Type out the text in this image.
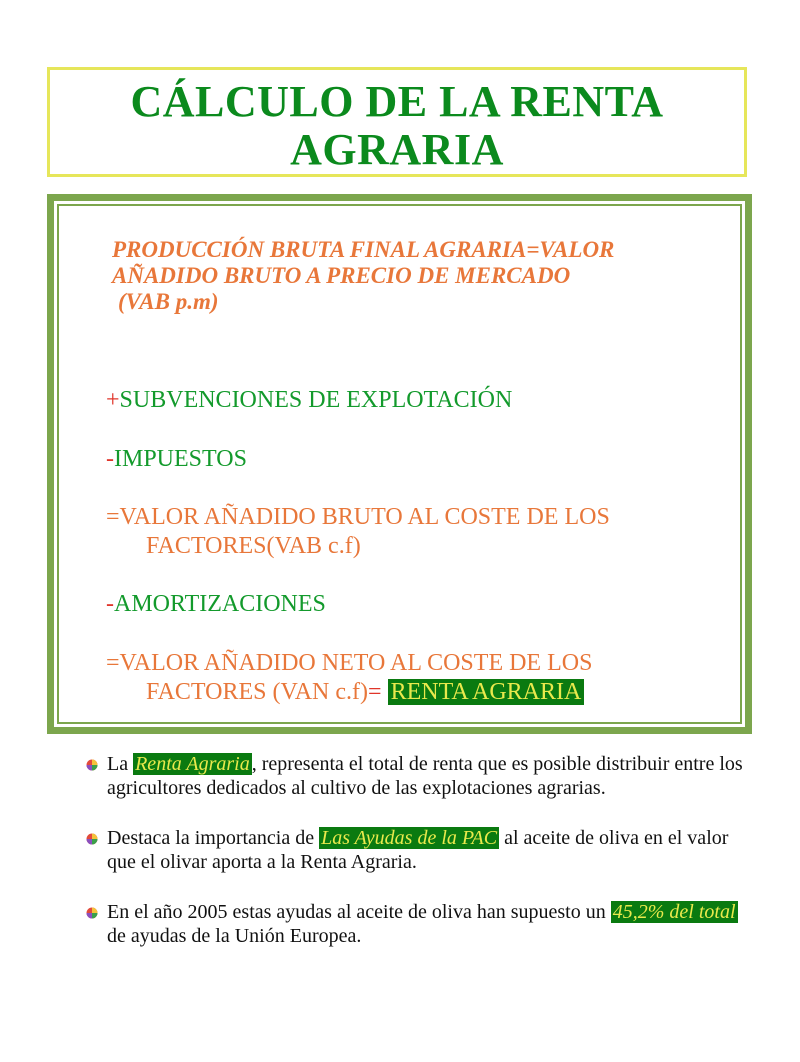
CÁLCULO DE LA RENTA
AGRARIA
PRODUCCIÓN BRUTA FINAL AGRARIA=VALOR
AÑADIDO BRUTO A PRECIO DE MERCADO
(VAB p.m)
+SUBVENCIONES DE EXPLOTACIÓN
-IMPUESTOS
=VALOR AÑADIDO BRUTO AL COSTE DE LOS
FACTORES(VAB c.f)
-AMORTIZACIONES
=VALOR AÑADIDO NETO AL COSTE DE LOS
FACTORES (VAN c.f)= RENTA AGRARIA
La Renta Agraria , representa el total de renta que es posible distribuir entre los agricultores dedicados al cultivo de las explotaciones agrarias.
Destaca la importancia de Las Ayudas de la PAC al aceite de oliva en el valor que el olivar aporta a la Renta Agraria.
En el año 2005 estas ayudas al aceite de oliva han supuesto un 45,2% del total de ayudas de la Unión Europea.
